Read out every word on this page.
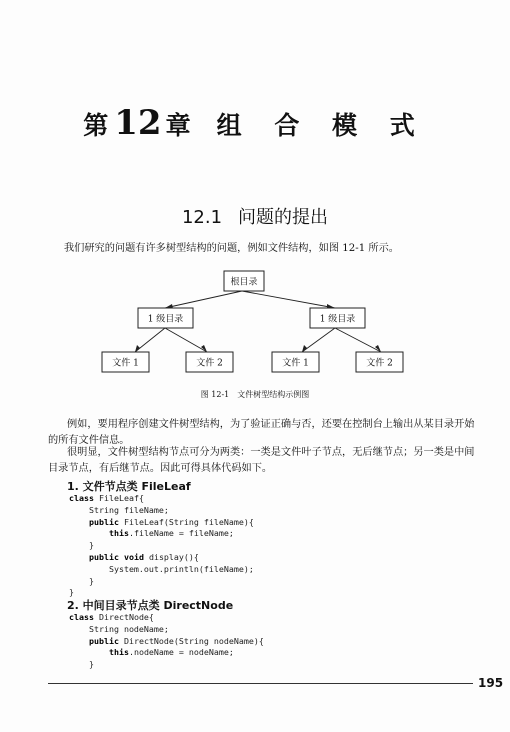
第 12 章 组 合 模 式
12.1 问题的提出
我们研究的问题有许多树型结构的问题，例如文件结构，如图 12-1 所示。
根目录
1 级目录	1 级目录
文件 1	文件 2	文件 1	文件 2
图 12-1　文件树型结构示例图
例如，要用程序创建文件树型结构，为了验证正确与否，还要在控制台上输出从某目录开始的所有文件信息。
很明显，文件树型结构节点可分为两类：一类是文件叶子节点，无后继节点；另一类是中间目录节点，有后继节点。因此可得具体代码如下。
1. 文件节点类 FileLeaf
class FileLeaf{
String fileName;
public FileLeaf(String fileName){
this.fileName = fileName;
}
public void display(){
System.out.println(fileName);
}
}
2. 中间目录节点类 DirectNode
class DirectNode{
String nodeName;
public DirectNode(String nodeName){
this.nodeName = nodeName;
}
195
